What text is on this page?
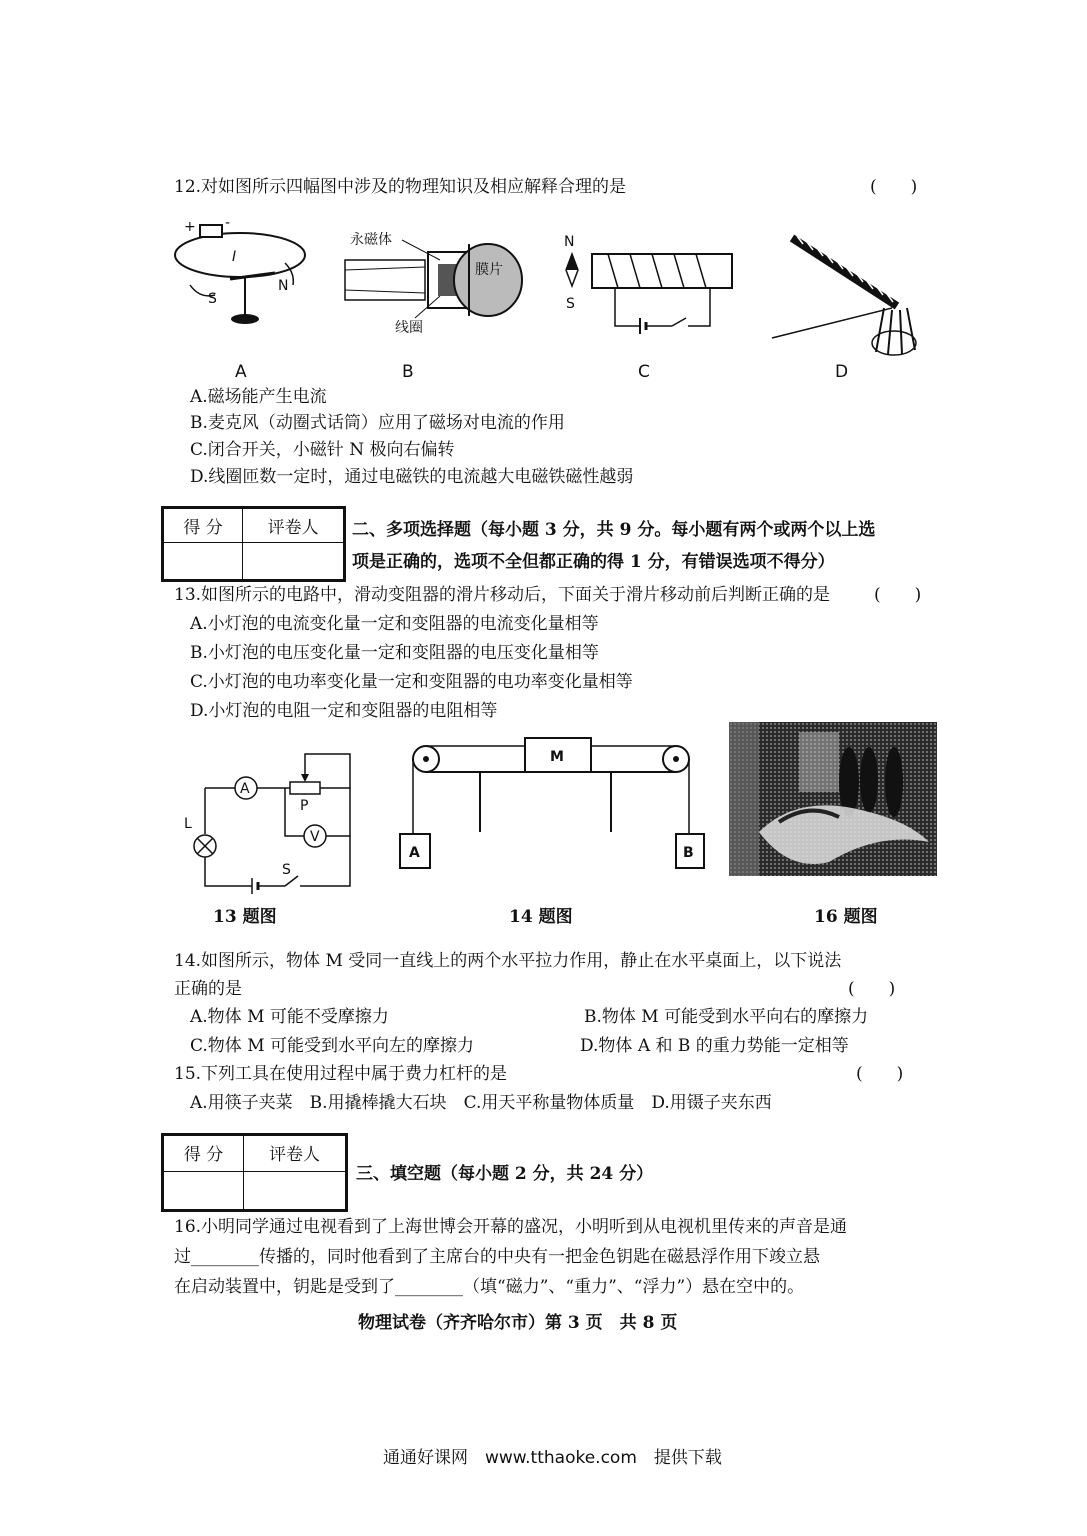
12.对如图所示四幅图中涉及的物理知识及相应解释合理的是	(　　)
+ -
I
S
N
永磁体
膜片
线圈
N
S
A	B	C	D
A.磁场能产生电流
B.麦克风（动圈式话筒）应用了磁场对电流的作用
C.闭合开关，小磁针 N 极向右偏转
D.线圈匝数一定时，通过电磁铁的电流越大电磁铁磁性越弱
得 分	评卷人
	二、多项选择题（每小题 3 分，共 9 分。每小题有两个或两个以上选
项是正确的，选项不全但都正确的得 1 分，有错误选项不得分）
13.如图所示的电路中，滑动变阻器的滑片移动后，下面关于滑片移动前后判断正确的是	(　　)
A.小灯泡的电流变化量一定和变阻器的电流变化量相等
B.小灯泡的电压变化量一定和变阻器的电压变化量相等
C.小灯泡的电功率变化量一定和变阻器的电功率变化量相等
D.小灯泡的电阻一定和变阻器的电阻相等
A
P
V
L
S
M
A	B
13 题图	14 题图	16 题图
14.如图所示，物体 M 受同一直线上的两个水平拉力作用，静止在水平桌面上，以下说法
正确的是	(　　)
A.物体 M 可能不受摩擦力	B.物体 M 可能受到水平向右的摩擦力
C.物体 M 可能受到水平向左的摩擦力	D.物体 A 和 B 的重力势能一定相等
15.下列工具在使用过程中属于费力杠杆的是	(　　)
A.用筷子夹菜　B.用撬棒撬大石块　C.用天平称量物体质量　D.用镊子夹东西
得 分	评卷人

三、填空题（每小题 2 分，共 24 分）
16.小明同学通过电视看到了上海世博会开幕的盛况，小明听到从电视机里传来的声音是通
过________传播的，同时他看到了主席台的中央有一把金色钥匙在磁悬浮作用下竣立悬
在启动装置中，钥匙是受到了________（填“磁力”、“重力”、“浮力”）悬在空中的。
物理试卷（齐齐哈尔市）第 3 页　共 8 页
通通好课网　www.tthaoke.com　提供下载
